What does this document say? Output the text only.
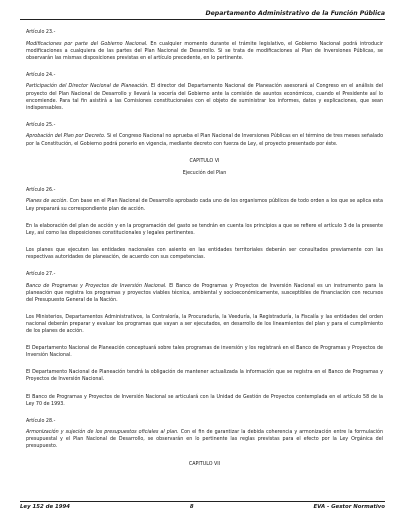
Departamento Administrativo de la Función Pública

Artículo 23.-

Modificaciones por parte del Gobierno Nacional. En cualquier momento durante el trámite legislativo, el Gobierno Nacional podrá introducir modificaciones a cualquiera de las partes del Plan Nacional de Desarrollo. Si se trata de modificaciones al Plan de Inversiones Públicas, se observarán las mismas disposiciones previstas en el artículo precedente, en lo pertinente.

Artículo 24.-

Participación del Director Nacional de Planeación. El director del Departamento Nacional de Planeación asesorará al Congreso en el análisis del proyecto del Plan Nacional de Desarrollo y llevará la vocería del Gobierno ante la comisión de asuntos económicos, cuando el Presidente así lo encomiende. Para tal fin asistirá a las Comisiones constitucionales con el objeto de suministrar los informes, datos y explicaciones, que sean indispensables.

Artículo 25.-

Aprobación del Plan por Decreto. Si el Congreso Nacional no aprueba el Plan Nacional de Inversiones Públicas en el término de tres meses señalado por la Constitución, el Gobierno podrá ponerlo en vigencia, mediante decreto con fuerza de Ley, el proyecto presentado por éste.

CAPITULO VI

Ejecución del Plan

Artículo 26.-

Planes de acción. Con base en el Plan Nacional de Desarrollo aprobado cada uno de los organismos públicos de todo orden a los que se aplica esta Ley preparará su correspondiente plan de acción.

En la elaboración del plan de acción y en la programación del gasto se tendrán en cuenta los principios a que se refiere el artículo 3 de la presente Ley, así como las disposiciones constitucionales y legales pertinentes.

Los planes que ejecuten las entidades nacionales con asiento en las entidades territoriales deberán ser consultados previamente con las respectivas autoridades de planeación, de acuerdo con sus competencias.

Artículo 27.-

Banco de Programas y Proyectos de Inversión Nacional. El Banco de Programas y Proyectos de Inversión Nacional es un instrumento para la planeación que registra los programas y proyectos viables técnica, ambiental y socioeconómicamente, susceptibles de financiación con recursos del Presupuesto General de la Nación.

Los Ministerios, Departamentos Administrativos, la Contraloría, la Procuraduría, la Veeduría, la Registraduría, la Fiscalía y las entidades del orden nacional deberán preparar y evaluar los programas que vayan a ser ejecutados, en desarrollo de los lineamientos del plan y para el cumplimiento de los planes de acción.

El Departamento Nacional de Planeación conceptuará sobre tales programas de inversión y los registrará en el Banco de Programas y Proyectos de Inversión Nacional.

El Departamento Nacional de Planeación tendrá la obligación de mantener actualizada la información que se registra en el Banco de Programas y Proyectos de Inversión Nacional.

El Banco de Programas y Proyectos de Inversión Nacional se articulará con la Unidad de Gestión de Proyectos contemplada en el artículo 58 de la Ley 70 de 1993.

Artículo 28.-

Armonización y sujeción de los presupuestos oficiales al plan. Con el fin de garantizar la debida coherencia y armonización entre la formulación presupuestal y el Plan Nacional de Desarrollo, se observarán en lo pertinente las reglas previstas para el efecto por la Ley Orgánica del presupuesto.

CAPITULO VII

Ley 152 de 1994	8	EVA - Gestor Normativo
